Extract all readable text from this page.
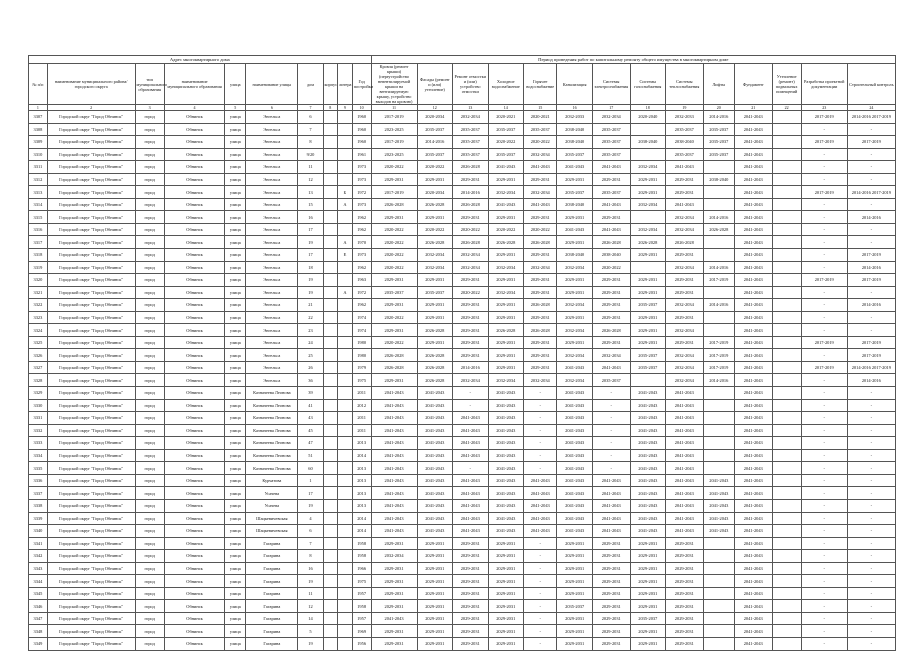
Адрес многоквартирного дома										Период проведения работ по капитальному ремонту общего имущества в многоквартирном доме													
№ п/п	наименование муниципального района/городского округа	тип муниципального образования	наименование муниципального образования	улица	наименование улицы	дом	корпус	литера	Год постройки	Кровля (ремонт крыши) (переустройство невентилируемой крыши на вентилируемую крышу, устройство выходов на кровлю)	Фасады (ремонт и (или) утепление)	Ремонт отмостки и (или) устройство отмостки	Холодное водоснабжение	Горячее водоснабжение	Канализация	Системы электроснабжения	Системы газоснабжения	Системы теплоснабжения	Лифты	Фундамент	Утепление (ремонт) подвальных помещений	Разработка проектной документации	Строительный контроль
1	2	3	4	5	6	7	8	9	10	11	12	13	14	15	16	17	18	19	20	21	22	23	24
3307	Городской округ "Город Обнинск"	город	Обнинск	улица	Энгельса	6			1960	2017-2019	2020-2034	2032-2034	2020-2021	2020-2021	2032-2033	2032-2034	2020-2040	2032-2033	2014-2016	2041-2043		2017-2019	2014-2016 2017-2019
3308	Городской округ "Город Обнинск"	город	Обнинск	улица	Энгельса	7			1960	2023-2025	2035-2037	2035-2037	2035-2037	2035-2037	2038-2040	2035-2037		2035-2037	2035-2037	2041-2043		-	-
3309	Городской округ "Город Обнинск"	город	Обнинск	улица	Энгельса	8			1960	2017-2019	2014-2016	2035-2037	2020-2022	2020-2022	2038-2040	2035-2037	2038-2040	2038-2040	2035-2037	2041-2043		2017-2019	2017-2019
3310	Городской округ "Город Обнинск"	город	Обнинск	улица	Энгельса	9/20			1961	2023-2025	2035-2037	2035-2037	2035-2037	2032-2034	2035-2037	2035-2037		2035-2037	2035-2037	2041-2043		-	-
3311	Городской округ "Город Обнинск"	город	Обнинск	улица	Энгельса	11			1973	2020-2022	2020-2022	2026-2028	2041-2043	2041-2043	2041-2043	2041-2043	2032-2034	2041-2043		2041-2043		-	-
3312	Городской округ "Город Обнинск"	город	Обнинск	улица	Энгельса	12			1973	2029-2031	2029-2031	2029-2031	2029-2031	2029-2031	2029-2031	2029-2031	2029-2031	2029-2031	2038-2040	2041-2043		-	-
3313	Городской округ "Город Обнинск"	город	Обнинск	улица	Энгельса	13		Б	1972	2017-2019	2020-2034	2014-2016	2032-2034	2032-2034	2035-2037	2035-2037	2029-2031	2029-2031		2041-2043		2017-2019	2014-2016 2017-2019
3314	Городской округ "Город Обнинск"	город	Обнинск	улица	Энгельса	15		А	1973	2026-2028	2026-2028	2026-2028	2041-2043	2041-2043	2038-2040	2041-2043	2032-2034	2041-2043		2041-2043		-	-
3315	Городской округ "Город Обнинск"	город	Обнинск	улица	Энгельса	16			1962	2029-2031	2029-2031	2029-2031	2029-2031	2029-2031	2029-2031	2029-2031		2032-2034	2014-2016	2041-2043		-	2014-2016
3316	Городской округ "Город Обнинск"	город	Обнинск	улица	Энгельса	17			1962	2020-2022	2020-2022	2020-2022	2020-2022	2020-2022	2041-2043	2041-2043	2032-2034	2032-2034	2026-2028	2041-2043		-	-
3317	Городской округ "Город Обнинск"	город	Обнинск	улица	Энгельса	19		А	1970	2020-2022	2026-2028	2026-2028	2026-2028	2026-2028	2029-2031	2026-2028	2026-2028	2026-2028		2041-2043		-	-
3318	Городской округ "Город Обнинск"	город	Обнинск	улица	Энгельса	17		Е	1973	2020-2022	2032-2034	2032-2034	2029-2031	2029-2031	2038-2040	2038-2040	2029-2031	2029-2031		2041-2043		-	2017-2019
3319	Городской округ "Город Обнинск"	город	Обнинск	улица	Энгельса	18			1962	2020-2022	2032-2034	2032-2034	2032-2034	2032-2034	2032-2034	2020-2022		2032-2034	2014-2016	2041-2043		-	2014-2016
3320	Городской округ "Город Обнинск"	город	Обнинск	улица	Энгельса	19			1963	2029-2031	2029-2031	2029-2031	2029-2031	2029-2031	2029-2031	2029-2031	2029-2031	2029-2031	2017-2019	2041-2043		2017-2019	2017-2019
3321	Городской округ "Город Обнинск"	город	Обнинск	улица	Энгельса	19		А	1972	2035-2037	2035-2037	2020-2022	2032-2034	2029-2031	2029-2031	2029-2031	2029-2031	2029-2031		2041-2043		-	-
3322	Городской округ "Город Обнинск"	город	Обнинск	улица	Энгельса	21			1962	2029-2031	2029-2031	2029-2031	2029-2031	2026-2028	2032-2034	2029-2031	2035-2037	2032-2034	2014-2016	2041-2043		-	2014-2016
3323	Городской округ "Город Обнинск"	город	Обнинск	улица	Энгельса	22			1974	2020-2022	2029-2031	2029-2031	2029-2031	2029-2031	2029-2031	2029-2031	2029-2031	2029-2031		2041-2043		-	-
3324	Городской округ "Город Обнинск"	город	Обнинск	улица	Энгельса	23			1974	2029-2031	2026-2028	2029-2031	2026-2028	2026-2028	2032-2034	2026-2028	2029-2031	2032-2034		2041-2043		-	-
3325	Городской округ "Город Обнинск"	город	Обнинск	улица	Энгельса	24			1980	2020-2022	2029-2031	2029-2031	2029-2031	2029-2031	2029-2031	2029-2031	2029-2031	2029-2031	2017-2019	2041-2043		2017-2019	2017-2019
3326	Городской округ "Город Обнинск"	город	Обнинск	улица	Энгельса	25			1980	2026-2028	2026-2028	2029-2031	2029-2031	2029-2031	2032-2034	2032-2034	2035-2037	2032-2034	2017-2019	2041-2043		-	2017-2019
3327	Городской округ "Город Обнинск"	город	Обнинск	улица	Энгельса	26			1979	2026-2028	2026-2028	2014-2016	2029-2031	2029-2031	2041-2043	2041-2043	2035-2037	2032-2034	2017-2019	2041-2043		2017-2019	2014-2016 2017-2019
3328	Городской округ "Город Обнинск"	город	Обнинск	улица	Энгельса	36			1975	2029-2031	2026-2028	2032-2034	2032-2034	2032-2034	2032-2034	2035-2037		2032-2034	2014-2016	2041-2043		-	2014-2016
3329	Городской округ "Город Обнинск"	город	Обнинск	улица	Казначеева Леонова	39			2011	2041-2043	2041-2043	-	2041-2043	-	2041-2043	-	2041-2043	2041-2043		2041-2043		-	-
3330	Городской округ "Город Обнинск"	город	Обнинск	улица	Казначеева Леонова	41			2012	2041-2043	2041-2043	-	2041-2043	-	2041-2043	-	2041-2043	2041-2043		2041-2043		-	-
3331	Городской округ "Город Обнинск"	город	Обнинск	улица	Казначеева Леонова	43			2011	2041-2043	2041-2043	2041-2043	2041-2043	-	2041-2043	-	2041-2043	2041-2043		2041-2043		-	-
3332	Городской округ "Город Обнинск"	город	Обнинск	улица	Казначеева Леонова	45			2011	2041-2043	2041-2043	2041-2043	2041-2043	-	2041-2043	-	2041-2043	2041-2043		2041-2043		-	-
3333	Городской округ "Город Обнинск"	город	Обнинск	улица	Казначеева Леонова	47			2013	2041-2043	2041-2043	2041-2043	2041-2043	-	2041-2043	-	2041-2043	2041-2043		2041-2043		-	-
3334	Городской округ "Город Обнинск"	город	Обнинск	улица	Казначеева Леонова	51			2014	2041-2043	2041-2043	2041-2043	2041-2043	-	2041-2043	-	2041-2043	2041-2043		2041-2043		-	-
3335	Городской округ "Город Обнинск"	город	Обнинск	улица	Казначеева Леонова	60			2013	2041-2043	2041-2043	-	2041-2043	-	2041-2043	-	2041-2043	2041-2043		2041-2043		-	-
3336	Городской округ "Город Обнинск"	город	Обнинск	улица	Курчатова	1			2013	2041-2043	2041-2043	2041-2043	2041-2043	2041-2043	2041-2043	2041-2043	2041-2043	2041-2043	2041-2043	2041-2043		-	-
3337	Городской округ "Город Обнинск"	город	Обнинск	улица	Усачева	17			2013	2041-2043	2041-2043	2041-2043	2041-2043	2041-2043	2041-2043	2041-2043	2041-2043	2041-2043	2041-2043	2041-2043		-	-
3338	Городской округ "Город Обнинск"	город	Обнинск	улица	Усачева	19			2013	2041-2043	2041-2043	2041-2043	2041-2043	2041-2043	2041-2043	2041-2043	2041-2043	2041-2043	2041-2043	2041-2043		-	-
3339	Городской округ "Город Обнинск"	город	Обнинск	улица	Шацкевичевская	4			2014	2041-2043	2041-2043	2041-2043	2041-2043	2041-2043	2041-2043	2041-2043	2041-2043	2041-2043	2041-2043	2041-2043		-	-
3340	Городской округ "Город Обнинск"	город	Обнинск	улица	Шацкевичевская	6			2014	2041-2043	2041-2043	2041-2043	2041-2043	2041-2043	2041-2043	2041-2043	2041-2043	2041-2043	2041-2043	2041-2043		-	-
3341	Городской округ "Город Обнинск"	город	Обнинск	улица	Гагарина	7			1958	2029-2031	2029-2031	2029-2031	2029-2031	-	2029-2031	2029-2031	2029-2031	2029-2031		2041-2043		-	-
3342	Городской округ "Город Обнинск"	город	Обнинск	улица	Гагарина	8			1958	2032-2034	2029-2031	2029-2031	2029-2031	-	2029-2031	2029-2031	2029-2031	2029-2031		2041-2043		-	-
3343	Городской округ "Город Обнинск"	город	Обнинск	улица	Гагарина	16			1966	2029-2031	2029-2031	2029-2031	2029-2031	-	2029-2031	2029-2031	2029-2031	2029-2031		2041-2043		-	-
3344	Городской округ "Город Обнинск"	город	Обнинск	улица	Гагарина	19			1975	2029-2031	2029-2031	2029-2031	2029-2031	-	2029-2031	2029-2031	2029-2031	2029-2031		2041-2043		-	-
3345	Городской округ "Город Обнинск"	город	Обнинск	улица	Гагарина	11			1957	2029-2031	2029-2031	2029-2031	2029-2031	-	2029-2031	2029-2031	2029-2031	2029-2031		2041-2043		-	-
3346	Городской округ "Город Обнинск"	город	Обнинск	улица	Гагарина	12			1958	2029-2031	2029-2031	2029-2031	2029-2031	-	2035-2037	2029-2031	2029-2031	2029-2031		2041-2043		-	-
3347	Городской округ "Город Обнинск"	город	Обнинск	улица	Гагарина	14			1957	2041-2043	2029-2031	2029-2031	2029-2031	-	2029-2031	2029-2031	2035-2037	2029-2031		2041-2043		-	-
3348	Городской округ "Город Обнинск"	город	Обнинск	улица	Гагарина	5			1969	2029-2031	2029-2031	2029-2031	2029-2031	-	2029-2031	2029-2031	2029-2031	2029-2031		2041-2043		-	-
3349	Городской округ "Город Обнинск"	город	Обнинск	улица	Гагарина	19			1956	2029-2031	2029-2031	2029-2031	2029-2031	-	2029-2031	2029-2031	2029-2031	2029-2031		2041-2043		-	-
